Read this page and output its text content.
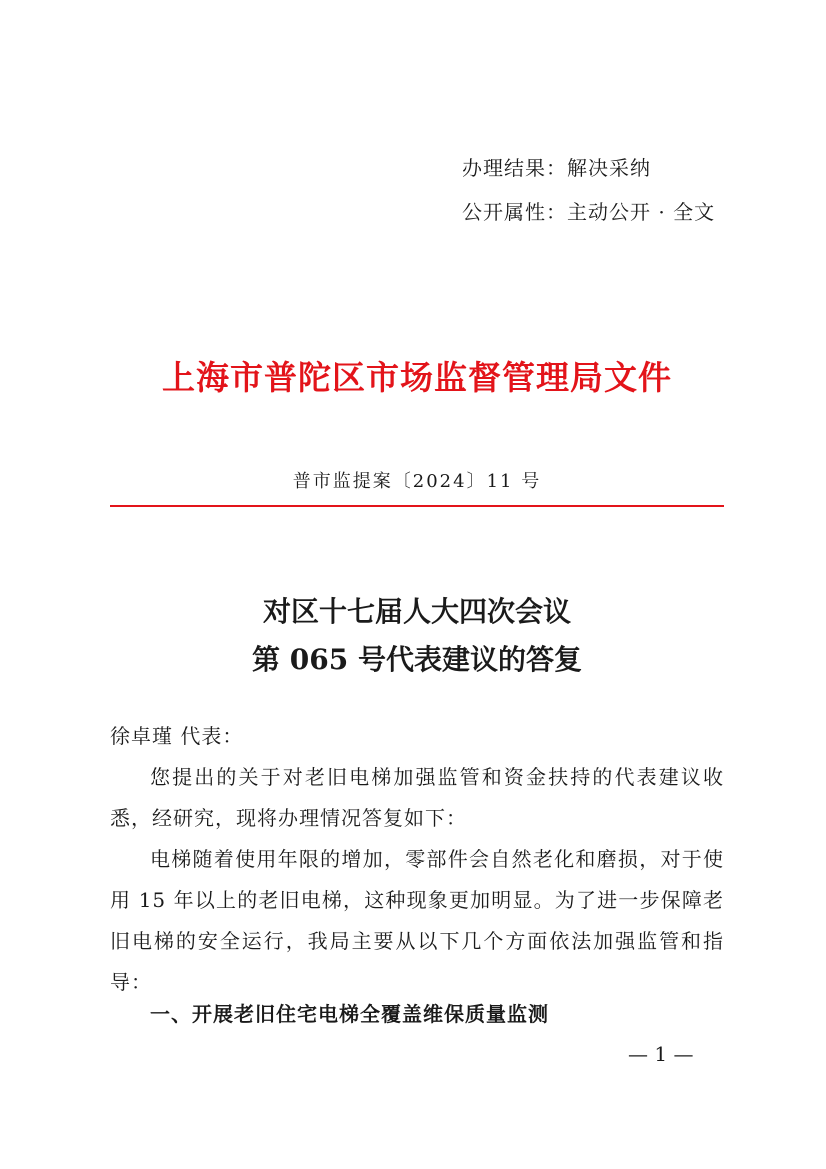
办理结果：解决采纳
公开属性：主动公开 · 全文
上海市普陀区市场监督管理局文件
普市监提案〔2024〕11 号
对区十七届人大四次会议
第 065 号代表建议的答复
徐卓瑾 代表：

您提出的关于对老旧电梯加强监管和资金扶持的代表建议收悉，经研究，现将办理情况答复如下：

电梯随着使用年限的增加，零部件会自然老化和磨损，对于使用 15 年以上的老旧电梯，这种现象更加明显。为了进一步保障老旧电梯的安全运行，我局主要从以下几个方面依法加强监管和指导：

一、开展老旧住宅电梯全覆盖维保质量监测
— 1 —
